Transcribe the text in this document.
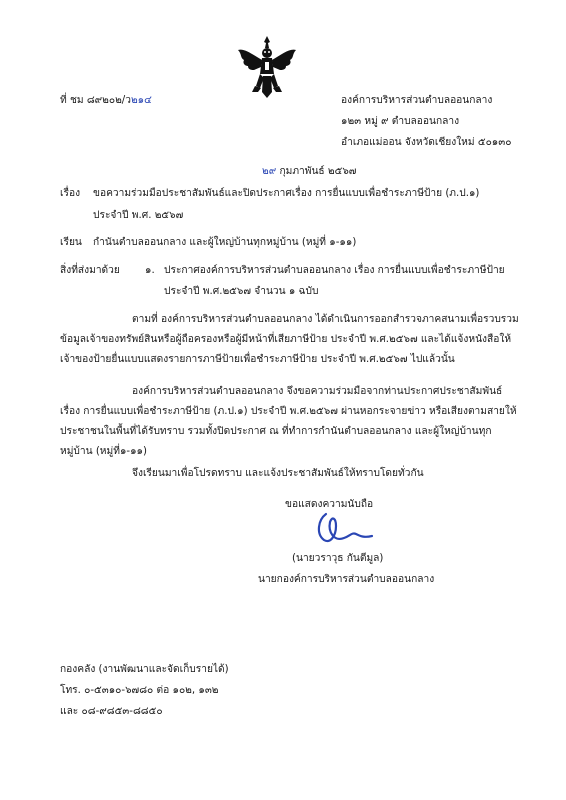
ที่ ชม ๘๙๒๐๒/ว๒๑๔	องค์การบริหารส่วนตำบลออนกลาง
๑๒๓ หมู่ ๙ ตำบลออนกลาง
อำเภอแม่ออน จังหวัดเชียงใหม่ ๕๐๑๓๐
๒๙ กุมภาพันธ์ ๒๕๖๗
เรื่อง ขอความร่วมมือประชาสัมพันธ์และปิดประกาศเรื่อง การยื่นแบบเพื่อชำระภาษีป้าย (ภ.ป.๑)
ประจำปี พ.ศ. ๒๕๖๗
เรียน กำนันตำบลออนกลาง และผู้ใหญ่บ้านทุกหมู่บ้าน (หมู่ที่ ๑-๑๑)
สิ่งที่ส่งมาด้วย ๑. ประกาศองค์การบริหารส่วนตำบลออนกลาง เรื่อง การยื่นแบบเพื่อชำระภาษีป้าย
ประจำปี พ.ศ.๒๕๖๗ จำนวน ๑ ฉบับ
ตามที่ องค์การบริหารส่วนตำบลออนกลาง ได้ดำเนินการออกสำรวจภาคสนามเพื่อรวบรวม
ข้อมูลเจ้าของทรัพย์สินหรือผู้ถือครองหรือผู้มีหน้าที่เสียภาษีป้าย ประจำปี พ.ศ.๒๕๖๗ และได้แจ้งหนังสือให้
เจ้าของป้ายยื่นแบบแสดงรายการภาษีป้ายเพื่อชำระภาษีป้าย ประจำปี พ.ศ.๒๕๖๗ ไปแล้วนั้น
องค์การบริหารส่วนตำบลออนกลาง จึงขอความร่วมมือจากท่านประกาศประชาสัมพันธ์
เรื่อง การยื่นแบบเพื่อชำระภาษีป้าย (ภ.ป.๑) ประจำปี พ.ศ.๒๕๖๗ ผ่านหอกระจายข่าว หรือเสียงตามสายให้
ประชาชนในพื้นที่ได้รับทราบ รวมทั้งปิดประกาศ ณ ที่ทำการกำนันตำบลออนกลาง และผู้ใหญ่บ้านทุก
หมู่บ้าน (หมู่ที่๑-๑๑)
จึงเรียนมาเพื่อโปรดทราบ และแจ้งประชาสัมพันธ์ให้ทราบโดยทั่วกัน
ขอแสดงความนับถือ
(นายวราวุธ กันตีมูล)
นายกองค์การบริหารส่วนตำบลออนกลาง
กองคลัง (งานพัฒนาและจัดเก็บรายได้)
โทร. ๐-๕๓๑๐-๖๗๘๐ ต่อ ๑๐๒, ๑๓๒
และ ๐๘-๙๘๕๓-๘๘๕๐
